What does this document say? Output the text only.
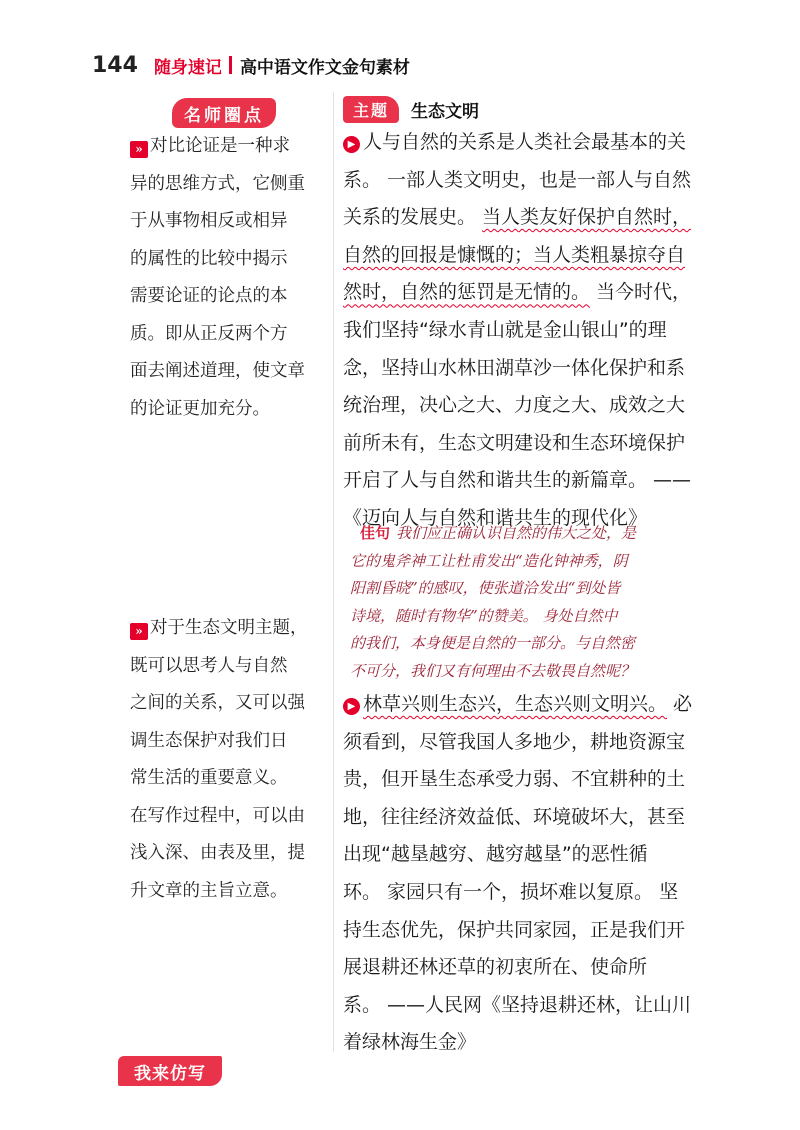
144 随身速记 高中语文作文金句素材
名师圈点
» 对比论证是一种求
异的思维方式，它侧重
于从事物相反或相异
的属性的比较中揭示
需要论证的论点的本
质。即从正反两个方
面去阐述道理，使文章
的论证更加充分。
» 对于生态文明主题，
既可以思考人与自然
之间的关系，又可以强
调生态保护对我们日
常生活的重要意义。
在写作过程中，可以由
浅入深、由表及里，提
升文章的主旨立意。
主题	生态文明
▶ 人与自然的关系是人类社会最基本的关
系。 一部人类文明史，也是一部人与自然
关系的发展史。 当人类友好保护自然时，
自然的回报是慷慨的；当人类粗暴掠夺自
然时，自然的惩罚是无情的。 当今时代，
我们坚持“绿水青山就是金山银山”的理
念，坚持山水林田湖草沙一体化保护和系
统治理，决心之大、力度之大、成效之大
前所未有，生态文明建设和生态环境保护
开启了人与自然和谐共生的新篇章。 ——
《迈向人与自然和谐共生的现代化》
佳句 我们应正确认识自然的伟大之处，是
它的鬼斧神工让杜甫发出“造化钟神秀，阴
阳割昏晓”的感叹，使张道洽发出“到处皆
诗境，随时有物华”的赞美。 身处自然中
的我们，本身便是自然的一部分。与自然密
不可分，我们又有何理由不去敬畏自然呢？
▶ 林草兴则生态兴，生态兴则文明兴。 必
须看到，尽管我国人多地少，耕地资源宝
贵，但开垦生态承受力弱、不宜耕种的土
地，往往经济效益低、环境破坏大，甚至
出现“越垦越穷、越穷越垦”的恶性循
环。 家园只有一个，损坏难以复原。 坚
持生态优先，保护共同家园，正是我们开
展退耕还林还草的初衷所在、使命所
系。 ——人民网《坚持退耕还林，让山川
着绿林海生金》
我来仿写
